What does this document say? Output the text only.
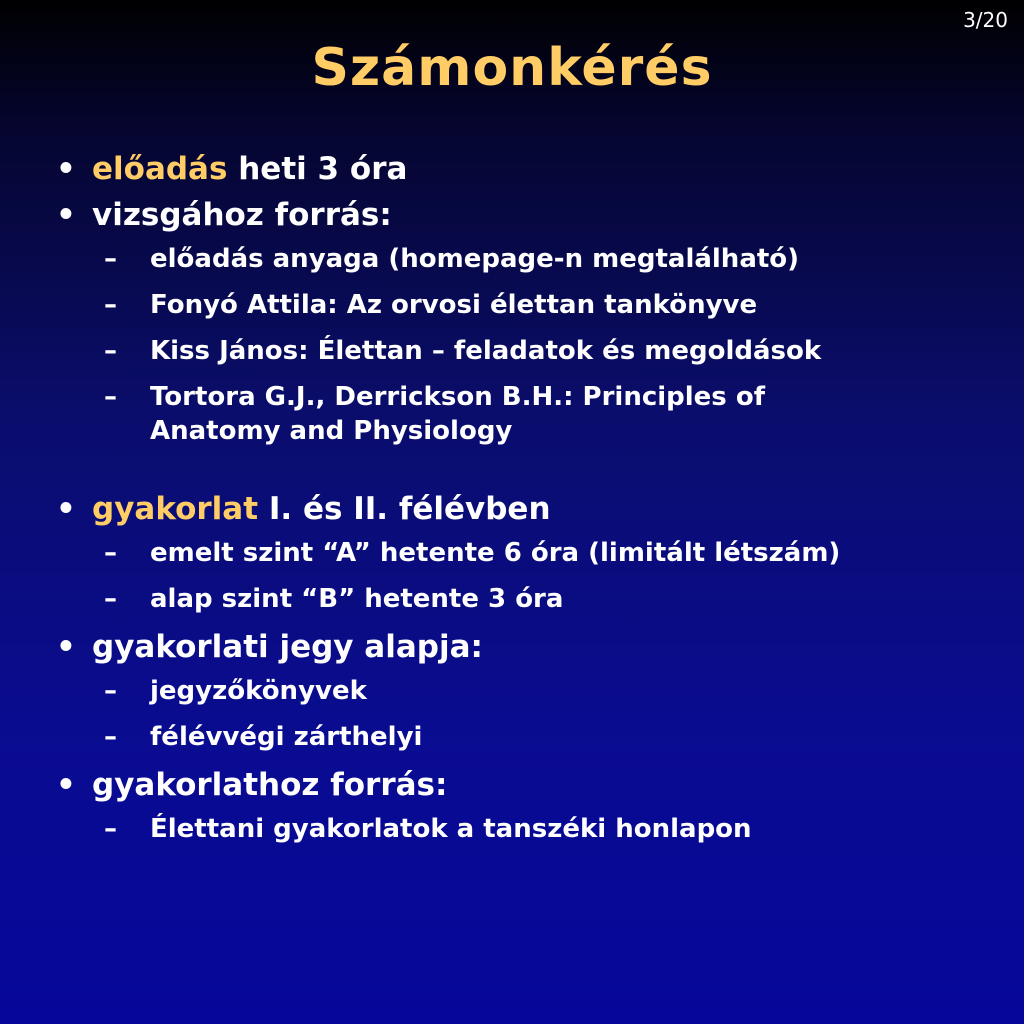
3/20
Számonkérés
• előadás heti 3 óra
• vizsgához forrás:
– előadás anyaga (homepage-n megtalálható)
– Fonyó Attila: Az orvosi élettan tankönyve
– Kiss János: Élettan – feladatok és megoldások
– Tortora G.J., Derrickson B.H.: Principles of Anatomy and Physiology
• gyakorlat I. és II. félévben
– emelt szint “A” hetente 6 óra (limitált létszám)
– alap szint “B” hetente 3 óra
• gyakorlati jegy alapja:
– jegyzőkönyvek
– félévvégi zárthelyi
• gyakorlathoz forrás:
– Élettani gyakorlatok a tanszéki honlapon
